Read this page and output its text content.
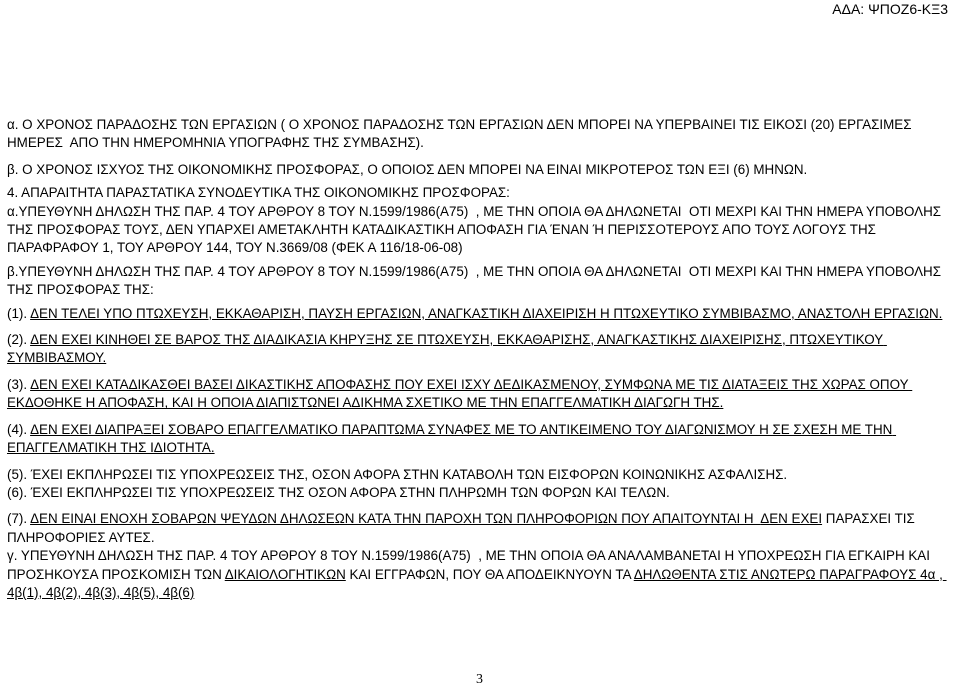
ΑΔΑ: ΨΠΟΖ6-ΚΞ3

α. Ο ΧΡΟΝΟΣ ΠΑΡΑΔΟΣΗΣ ΤΩΝ ΕΡΓΑΣΙΩΝ ( Ο ΧΡΟΝΟΣ ΠΑΡΑΔΟΣΗΣ ΤΩΝ ΕΡΓΑΣΙΩΝ ΔΕΝ ΜΠΟΡΕΙ ΝΑ ΥΠΕΡΒΑΙΝΕΙ ΤΙΣ ΕΙΚΟΣΙ (20) ΕΡΓΑΣΙΜΕΣ ΗΜΕΡΕΣ  ΑΠΟ ΤΗΝ ΗΜΕΡΟΜΗΝΙΑ ΥΠΟΓΡΑΦΗΣ ΤΗΣ ΣΥΜΒΑΣΗΣ).

β. Ο ΧΡΟΝΟΣ ΙΣΧΥΟΣ ΤΗΣ ΟΙΚΟΝΟΜΙΚΗΣ ΠΡΟΣΦΟΡΑΣ, Ο ΟΠΟΙΟΣ ΔΕΝ ΜΠΟΡΕΙ ΝΑ ΕΙΝΑΙ ΜΙΚΡΟΤΕΡΟΣ ΤΩΝ ΕΞΙ (6) ΜΗΝΩΝ.

4. ΑΠΑΡΑΙΤΗΤΑ ΠΑΡΑΣΤΑΤΙΚΑ ΣΥΝΟΔΕΥΤΙΚΑ ΤΗΣ ΟΙΚΟΝΟΜΙΚΗΣ ΠΡΟΣΦΟΡΑΣ:

α.ΥΠΕΥΘΥΝΗ ΔΗΛΩΣΗ ΤΗΣ ΠΑΡ. 4 ΤΟΥ ΑΡΘΡΟΥ 8 ΤΟΥ Ν.1599/1986(Α75)  , ΜΕ ΤΗΝ ΟΠΟΙΑ ΘΑ ΔΗΛΩΝΕΤΑΙ  ΟΤΙ ΜΕΧΡΙ ΚΑΙ ΤΗΝ ΗΜΕΡΑ ΥΠΟΒΟΛΗΣ ΤΗΣ ΠΡΟΣΦΟΡΑΣ ΤΟΥΣ, ΔΕΝ ΥΠΑΡΧΕΙ ΑΜΕΤΑΚΛΗΤΗ ΚΑΤΑΔΙΚΑΣΤΙΚΗ ΑΠΟΦΑΣΗ ΓΙΑ ΈΝΑΝ Ή ΠΕΡΙΣΣΟΤΕΡΟΥΣ ΑΠΟ ΤΟΥΣ ΛΟΓΟΥΣ ΤΗΣ ΠΑΡΑΦΡΑΦΟΥ 1, ΤΟΥ ΑΡΘΡΟΥ 144, ΤΟΥ Ν.3669/08 (ΦΕΚ Α 116/18-06-08)

β.ΥΠΕΥΘΥΝΗ ΔΗΛΩΣΗ ΤΗΣ ΠΑΡ. 4 ΤΟΥ ΑΡΘΡΟΥ 8 ΤΟΥ Ν.1599/1986(Α75)  , ΜΕ ΤΗΝ ΟΠΟΙΑ ΘΑ ΔΗΛΩΝΕΤΑΙ  ΟΤΙ ΜΕΧΡΙ ΚΑΙ ΤΗΝ ΗΜΕΡΑ ΥΠΟΒΟΛΗΣ ΤΗΣ ΠΡΟΣΦΟΡΑΣ ΤΗΣ:

(1). ΔΕΝ ΤΕΛΕΙ ΥΠΟ ΠΤΩΧΕΥΣΗ, ΕΚΚΑΘΑΡΙΣΗ, ΠΑΥΣΗ ΕΡΓΑΣΙΩΝ, ΑΝΑΓΚΑΣΤΙΚΗ ΔΙΑΧΕΙΡΙΣΗ Η ΠΤΩΧΕΥΤΙΚΟ ΣΥΜΒΙΒΑΣΜΟ, ΑΝΑΣΤΟΛΗ ΕΡΓΑΣΙΩΝ.

(2). ΔΕΝ ΕΧΕΙ ΚΙΝΗΘΕΙ ΣΕ ΒΑΡΟΣ ΤΗΣ ΔΙΑΔΙΚΑΣΙΑ ΚΗΡΥΞΗΣ ΣΕ ΠΤΩΧΕΥΣΗ, ΕΚΚΑΘΑΡΙΣΗΣ, ΑΝΑΓΚΑΣΤΙΚΗΣ ΔΙΑΧΕΙΡΙΣΗΣ, ΠΤΩΧΕΥΤΙΚΟΥ ΣΥΜΒΙΒΑΣΜΟΥ.

(3). ΔΕΝ ΕΧΕΙ ΚΑΤΑΔΙΚΑΣΘΕΙ ΒΑΣΕΙ ΔΙΚΑΣΤΙΚΗΣ ΑΠΟΦΑΣΗΣ ΠΟΥ ΕΧΕΙ ΙΣΧΥ ΔΕΔΙΚΑΣΜΕΝΟΥ, ΣΥΜΦΩΝΑ ΜΕ ΤΙΣ ΔΙΑΤΑΞΕΙΣ ΤΗΣ ΧΩΡΑΣ ΟΠΟΥ ΕΚΔΟΘΗΚΕ Η ΑΠΟΦΑΣΗ, ΚΑΙ Η ΟΠΟΙΑ ΔΙΑΠΙΣΤΩΝΕΙ ΑΔΙΚΗΜΑ ΣΧΕΤΙΚΟ ΜΕ ΤΗΝ ΕΠΑΓΓΕΛΜΑΤΙΚΗ ΔΙΑΓΩΓΗ ΤΗΣ.

(4). ΔΕΝ ΕΧΕΙ ΔΙΑΠΡΑΞΕΙ ΣΟΒΑΡΟ ΕΠΑΓΓΕΛΜΑΤΙΚΟ ΠΑΡΑΠΤΩΜΑ ΣΥΝΑΦΕΣ ΜΕ ΤΟ ΑΝΤΙΚΕΙΜΕΝΟ ΤΟΥ ΔΙΑΓΩΝΙΣΜΟΥ Η ΣΕ ΣΧΕΣΗ ΜΕ ΤΗΝ ΕΠΑΓΓΕΛΜΑΤΙΚΗ ΤΗΣ ΙΔΙΟΤΗΤΑ.

(5). ΈΧΕΙ ΕΚΠΛΗΡΩΣΕΙ ΤΙΣ ΥΠΟΧΡΕΩΣΕΙΣ ΤΗΣ, ΟΣΟΝ ΑΦΟΡΑ ΣΤΗΝ ΚΑΤΑΒΟΛΗ ΤΩΝ ΕΙΣΦΟΡΩΝ ΚΟΙΝΩΝΙΚΗΣ ΑΣΦΑΛΙΣΗΣ.

(6). ΈΧΕΙ ΕΚΠΛΗΡΩΣΕΙ ΤΙΣ ΥΠΟΧΡΕΩΣΕΙΣ ΤΗΣ ΟΣΟΝ ΑΦΟΡΑ ΣΤΗΝ ΠΛΗΡΩΜΗ ΤΩΝ ΦΟΡΩΝ ΚΑΙ ΤΕΛΩΝ.

(7). ΔΕΝ ΕΙΝΑΙ ΕΝΟΧΗ ΣΟΒΑΡΩΝ ΨΕΥΔΩΝ ΔΗΛΩΣΕΩΝ ΚΑΤΑ ΤΗΝ ΠΑΡΟΧΗ ΤΩΝ ΠΛΗΡΟΦΟΡΙΩΝ ΠΟΥ ΑΠΑΙΤΟΥΝΤΑΙ Η  ΔΕΝ ΕΧΕΙ ΠΑΡΑΣΧΕΙ ΤΙΣ ΠΛΗΡΟΦΟΡΙΕΣ ΑΥΤΕΣ.

γ. ΥΠΕΥΘΥΝΗ ΔΗΛΩΣΗ ΤΗΣ ΠΑΡ. 4 ΤΟΥ ΑΡΘΡΟΥ 8 ΤΟΥ Ν.1599/1986(Α75)  , ΜΕ ΤΗΝ ΟΠΟΙΑ ΘΑ ΑΝΑΛΑΜΒΑΝΕΤΑΙ Η ΥΠΟΧΡΕΩΣΗ ΓΙΑ ΕΓΚΑΙΡΗ ΚΑΙ ΠΡΟΣΗΚΟΥΣΑ ΠΡΟΣΚΟΜΙΣΗ ΤΩΝ ΔΙΚΑΙΟΛΟΓΗΤΙΚΩΝ ΚΑΙ ΕΓΓΡΑΦΩΝ, ΠΟΥ ΘΑ ΑΠΟΔΕΙΚΝΥΟΥΝ ΤΑ ΔΗΛΩΘΕΝΤΑ ΣΤΙΣ ΑΝΩΤΕΡΩ ΠΑΡΑΓΡΑΦΟΥΣ 4α , 4β(1), 4β(2), 4β(3), 4β(5), 4β(6)

3
